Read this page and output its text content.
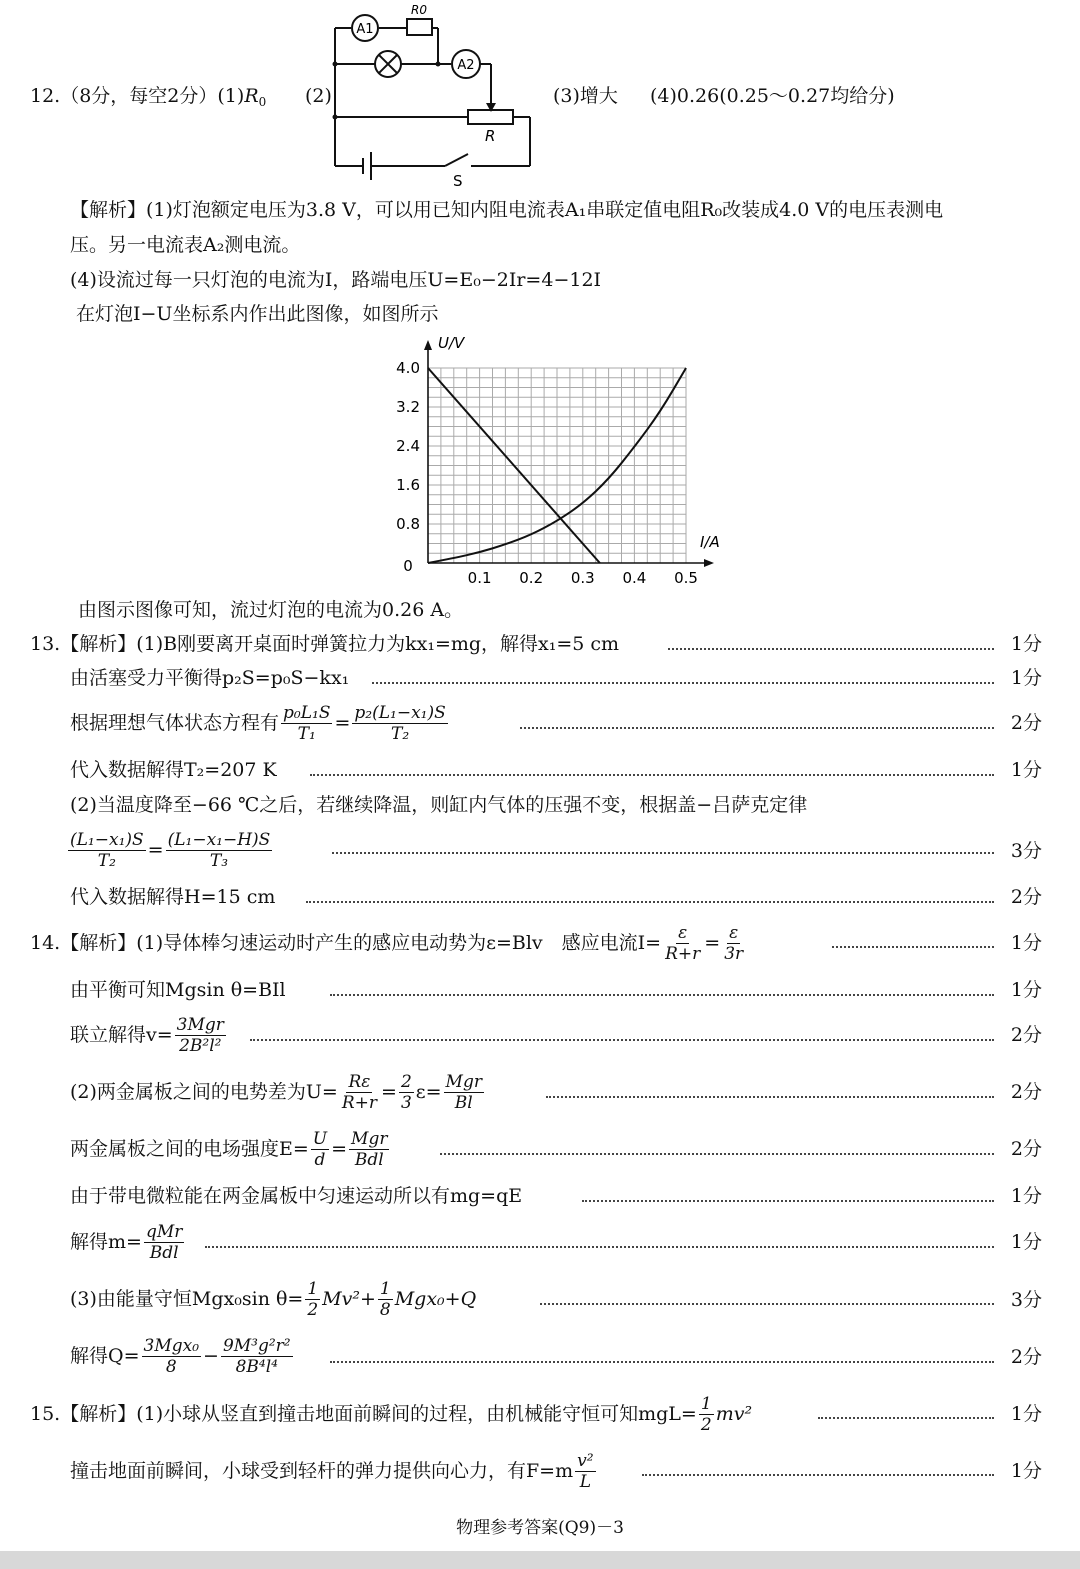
12.（8分，每空2分）$(1)R_0$ (2)
A1
R0
A2
R
S
(3)增大 (4)0.26(0.25～0.27均给分)
【解析】(1)灯泡额定电压为3.8 V，可以用已知内阻电流表A₁串联定值电阻R₀改装成4.0 V的电压表测电
压。另一电流表A₂测电流。
(4)设流过每一只灯泡的电流为I，路端电压U=E₀−2Ir=4−12I
在灯泡I−U坐标系内作出此图像，如图所示
U/V
I/A
0
0.1 0.2 0.3 0.4 0.5
0.8
1.6
2.4
3.2
4.0
由图示图像可知，流过灯泡的电流为0.26 A。
13.【解析】(1)B刚要离开桌面时弹簧拉力为kx₁=mg，解得x₁=5 cm	1分
由活塞受力平衡得p₂S=p₀S−kx₁	1分
根据理想气体状态方程有 $\frac{\text{p₀L₁S}}{\text{T₁}} = \frac{\text{p₂(L₁−x₁)S}}{\text{T₂}}$	2分
代入数据解得T₂=207 K	1分
(2)当温度降至−66 ℃之后，若继续降温，则缸内气体的压强不变，根据盖−吕萨克定律
$\frac{\text{(L₁−x₁)S}}{\text{T₂}} = \frac{\text{(L₁−x₁−H)S}}{\text{T₃}}$	3分
代入数据解得H=15 cm	2分
14.【解析】(1)导体棒匀速运动时产生的感应电动势为ε=Blv　感应电流$I= \frac{\varepsilon}{R+r} = \frac{\varepsilon}{3r}$	1分
由平衡可知Mgsin θ=BIl	1分
联立解得$v= \frac{\text{3Mgr}}{\text{2B²l²}}$	2分
(2)两金属板之间的电势差为$U= \frac{R\varepsilon}{R+r} = \frac{2}{3} \varepsilon= \frac{\text{Mgr}}{Bl}$	2分
两金属板之间的电场强度$E= \frac{U}{d} = \frac{\text{Mgr}}{\text{Bdl}}$	2分
由于带电微粒能在两金属板中匀速运动所以有mg=qE	1分
解得$m= \frac{\text{qMr}}{\text{Bdl}}$	1分
(3)由能量守恒Mgx₀sin $\theta= \frac{1}{2} Mv^2+ \frac{1}{8} Mgx_0+Q$	3分
解得$Q= \frac{\text{3Mgx₀}}{8} - \frac{\text{9M³g²r²}}{\text{8B⁴l⁴}}$	2分
15.【解析】(1)小球从竖直到撞击地面前瞬间的过程，由机械能守恒可知$mgL= \frac{1}{2} mv^2$	1分
撞击地面前瞬间，小球受到轻杆的弹力提供向心力，有$F=m \frac{\text{v²}}{L}$	1分
物理参考答案(Q9)－3
